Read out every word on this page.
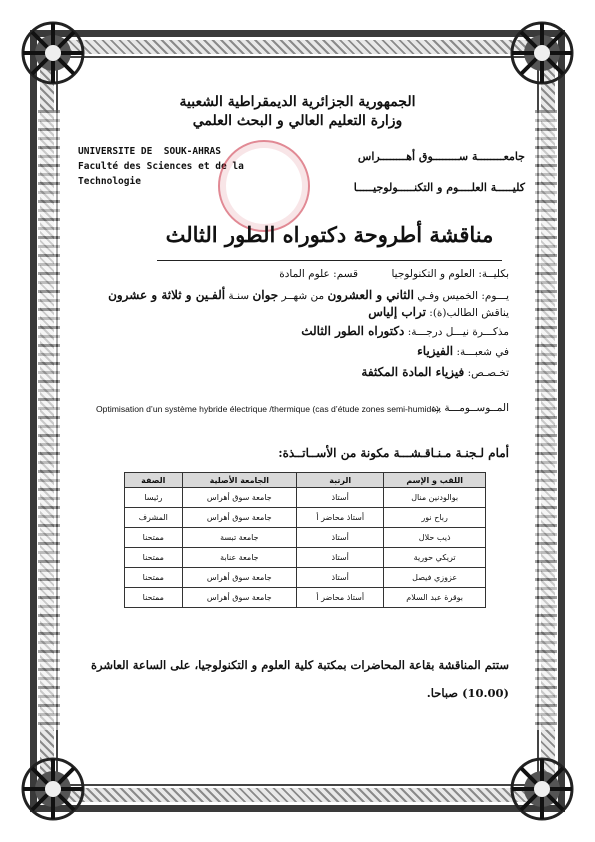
الجمهورية الجزائرية الديمقراطية الشعبية
وزارة التعليم العالي و البحث العلمي
UNIVERSITE DE  SOUK-AHRAS
Faculté des Sciences et de la
Technologie
جامعــــــــة ســــــــوق أهــــــــراس
كليـــــة العلــــوم و التكنـــــولوجيـــــا
مناقشة أطروحة دكتوراه الطور الثالث
بكليــة: العلوم و التكنولوجيا          قسم: علوم المادة
يـــوم: الخميس وفـي الثاني و العشرون من شهــر جوان سنـة ألفـين و ثلاثة و عشرون
يناقش الطالب(ة): تراب إلياس
مذكـــرة نيـــل درجـــة: دكتوراه الطور الثالث
في شعبـــة: الفيزياء
تخـصـص: فيزياء المادة المكثفة
المــوســومـــة بـ:
Optimisation d’un système hybride électrique /thermique (cas d’étude zones semi-humide).
أمام لـجنـة مـنـاقـشـــة مكونة من الأســاتــذة:
اللقب و الإسم	الرتبة	الجامعة الأصلية	الصفة
بوالودنين منال	أستاذ	جامعة سوق أهراس	رئيسا
رباح نور	أستاذ محاضر أ	جامعة سوق أهراس	المشرف
ذيب حلال	أستاذ	جامعة تبسة	ممتحنا
تريكي حورية	أستاذ	جامعة عنابة	ممتحنا
عزوزي فيصل	أستاذ	جامعة سوق أهراس	ممتحنا
بوقرة عبد السلام	أستاذ محاضر أ	جامعة سوق أهراس	ممتحنا
ستتم المناقشة بقاعة المحاضرات بمكتبة كلية العلوم و التكنولوجيا، على الساعة العاشرة
(10.00) صباحا.
